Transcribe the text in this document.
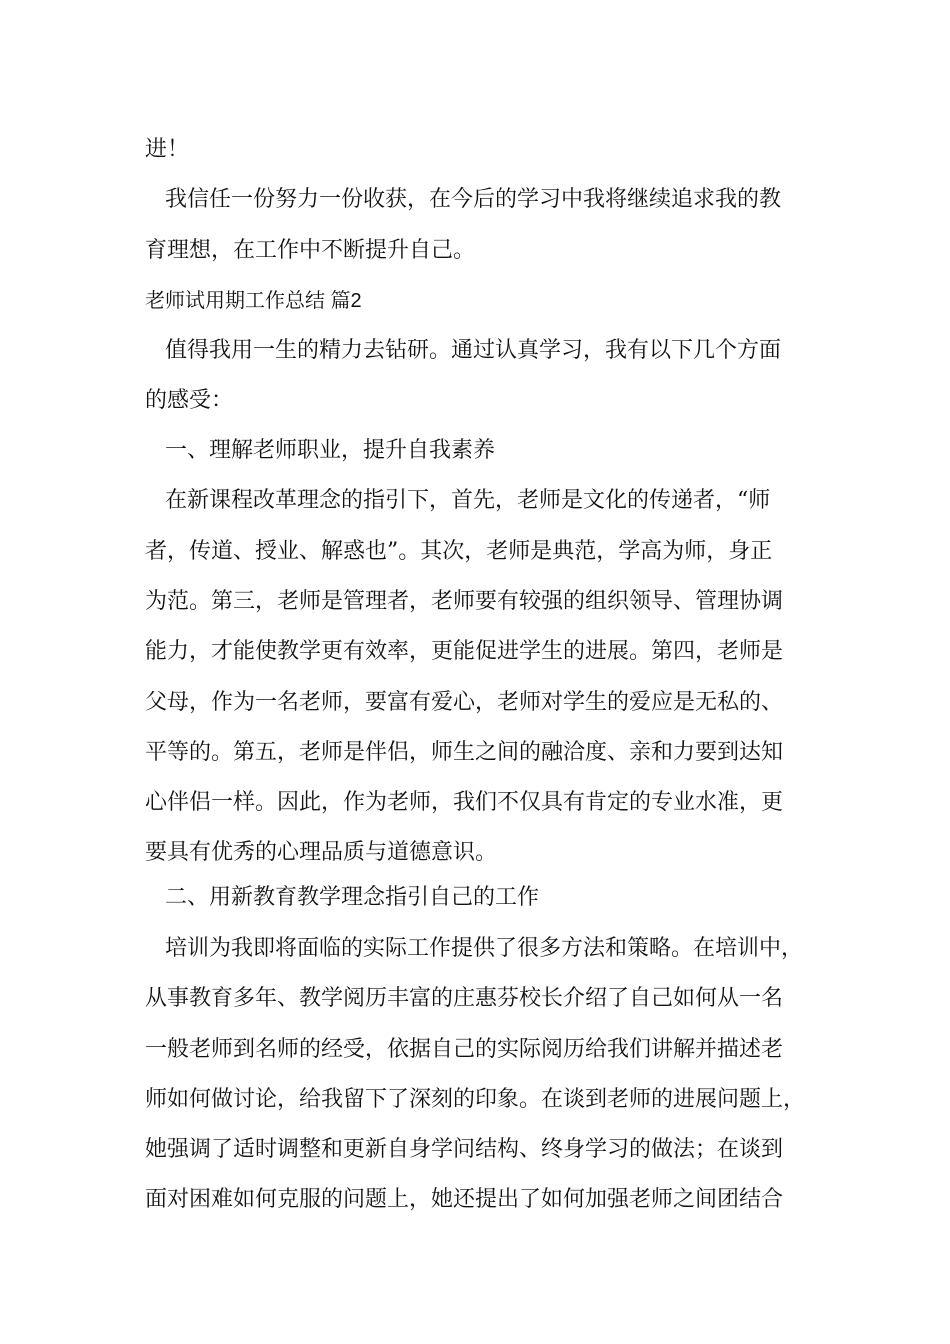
进！
我信任一份努力一份收获，在今后的学习中我将继续追求我的教
育理想，在工作中不断提升自己。
老师试用期工作总结 篇2
值得我用一生的精力去钻研。通过认真学习，我有以下几个方面
的感受：
一、理解老师职业，提升自我素养
在新课程改革理念的指引下，首先，老师是文化的传递者，“师
者，传道、授业、解惑也”。其次，老师是典范，学高为师，身正
为范。第三，老师是管理者，老师要有较强的组织领导、管理协调
能力，才能使教学更有效率，更能促进学生的进展。第四，老师是
父母，作为一名老师，要富有爱心，老师对学生的爱应是无私的、
平等的。第五，老师是伴侣，师生之间的融洽度、亲和力要到达知
心伴侣一样。因此，作为老师，我们不仅具有肯定的专业水准，更
要具有优秀的心理品质与道德意识。
二、用新教育教学理念指引自己的工作
培训为我即将面临的实际工作提供了很多方法和策略。在培训中，
从事教育多年、教学阅历丰富的庄惠芬校长介绍了自己如何从一名
一般老师到名师的经受，依据自己的实际阅历给我们讲解并描述老
师如何做讨论，给我留下了深刻的印象。在谈到老师的进展问题上，
她强调了适时调整和更新自身学问结构、终身学习的做法；在谈到
面对困难如何克服的问题上，她还提出了如何加强老师之间团结合
